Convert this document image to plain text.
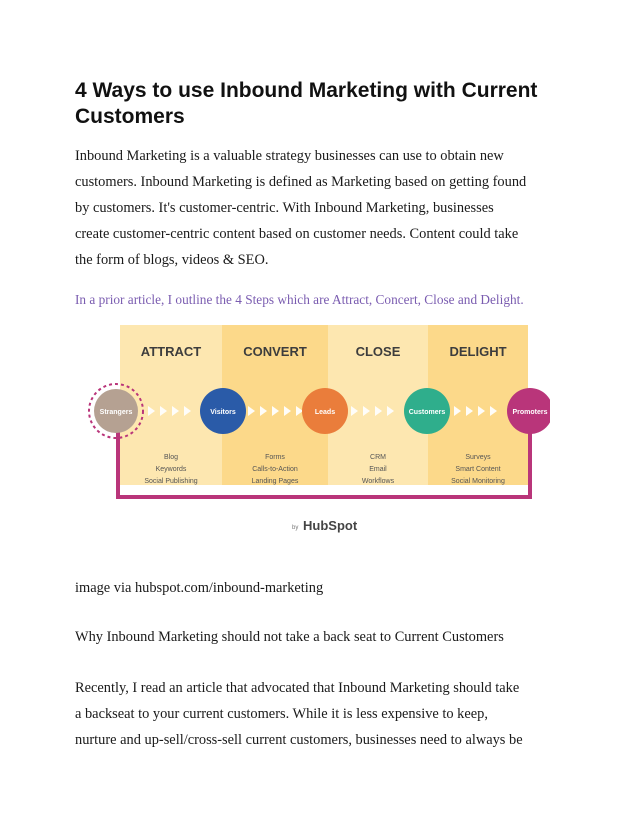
4 Ways to use Inbound Marketing with Current Customers

Inbound Marketing is a valuable strategy businesses can use to obtain new
customers. Inbound Marketing is defined as Marketing based on getting found
by customers. It's customer-centric. With Inbound Marketing, businesses
create customer-centric content based on customer needs. Content could take
the form of blogs, videos & SEO.

In a prior article, I outline the 4 Steps which are Attract, Concert, Close and Delight.

ATTRACT	CONVERT	CLOSE	DELIGHT
Strangers	Visitors	Leads	Customers	Promoters
Blog
Keywords
Social Publishing
Forms
Calls-to-Action
Landing Pages
CRM
Email
Workflows
Surveys
Smart Content
Social Monitoring
by HubSpot

image via hubspot.com/inbound-marketing

Why Inbound Marketing should not take a back seat to Current Customers

Recently, I read an article that advocated that Inbound Marketing should take
a backseat to your current customers. While it is less expensive to keep,
nurture and up-sell/cross-sell current customers, businesses need to always be
